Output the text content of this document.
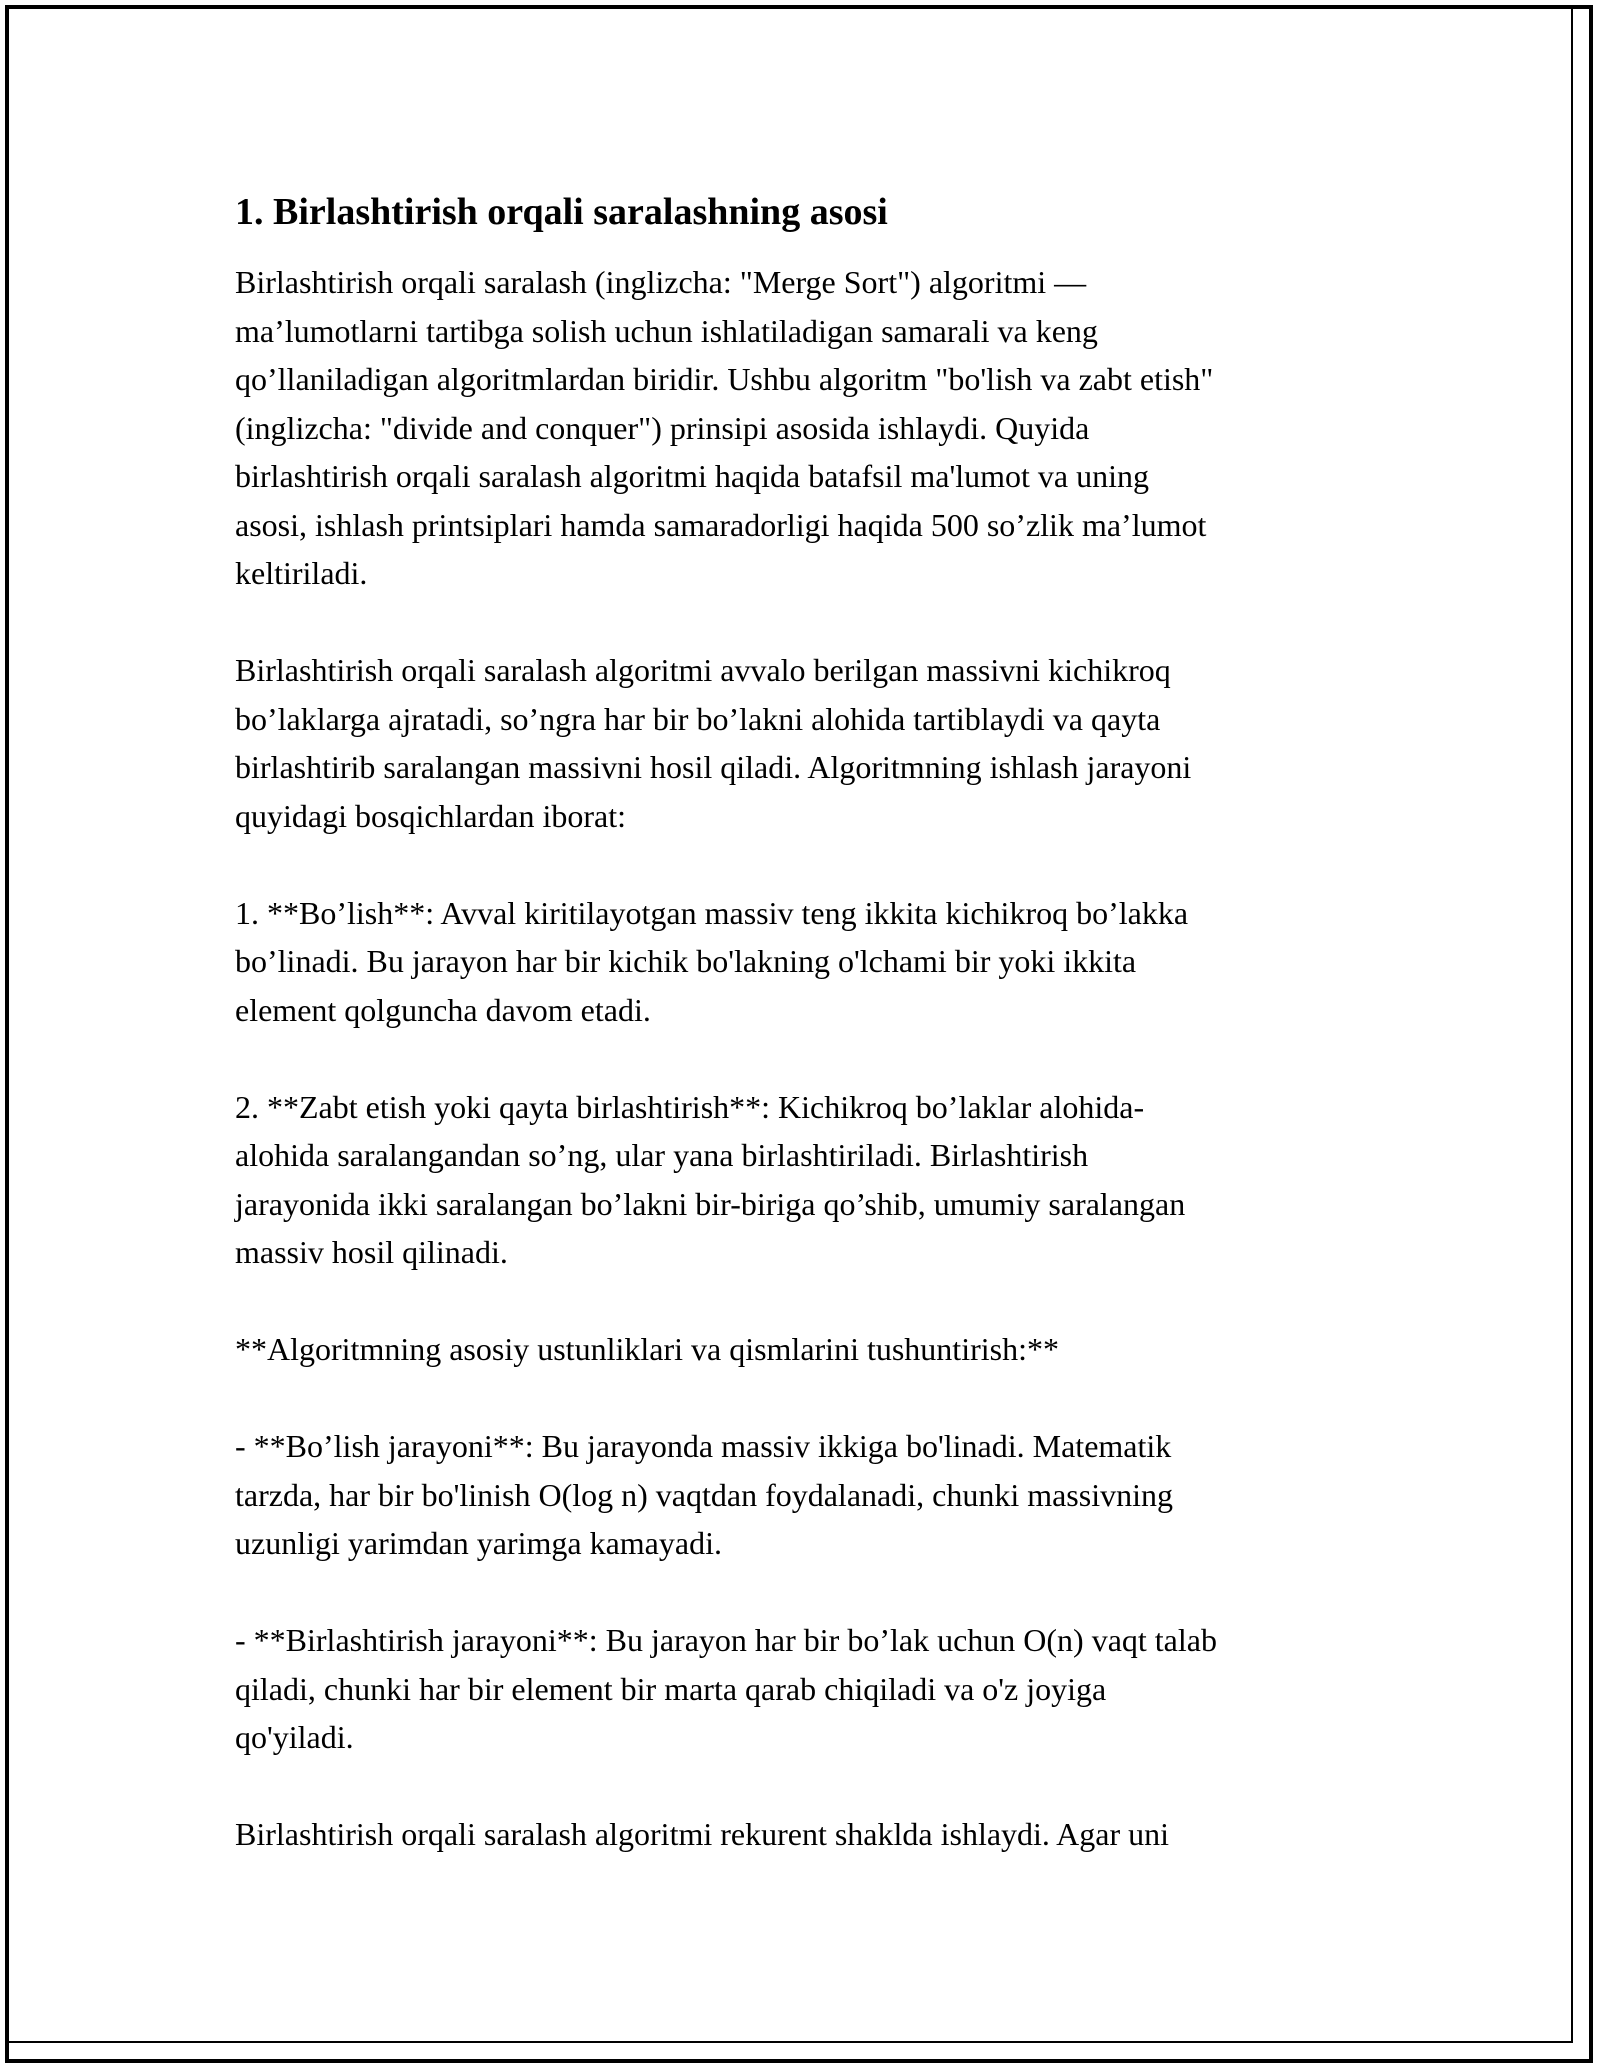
1. Birlashtirish orqali saralashning asosi
Birlashtirish orqali saralash (inglizcha: "Merge Sort") algoritmi —
ma’lumotlarni tartibga solish uchun ishlatiladigan samarali va keng
qo’llaniladigan algoritmlardan biridir. Ushbu algoritm "bo'lish va zabt etish"
(inglizcha: "divide and conquer") prinsipi asosida ishlaydi. Quyida
birlashtirish orqali saralash algoritmi haqida batafsil ma'lumot va uning
asosi, ishlash printsiplari hamda samaradorligi haqida 500 so’zlik ma’lumot
keltiriladi.
Birlashtirish orqali saralash algoritmi avvalo berilgan massivni kichikroq
bo’laklarga ajratadi, so’ngra har bir bo’lakni alohida tartiblaydi va qayta
birlashtirib saralangan massivni hosil qiladi. Algoritmning ishlash jarayoni
quyidagi bosqichlardan iborat:
1. **Bo’lish**: Avval kiritilayotgan massiv teng ikkita kichikroq bo’lakka
bo’linadi. Bu jarayon har bir kichik bo'lakning o'lchami bir yoki ikkita
element qolguncha davom etadi.
2. **Zabt etish yoki qayta birlashtirish**: Kichikroq bo’laklar alohida-
alohida saralangandan so’ng, ular yana birlashtiriladi. Birlashtirish
jarayonida ikki saralangan bo’lakni bir-biriga qo’shib, umumiy saralangan
massiv hosil qilinadi.
**Algoritmning asosiy ustunliklari va qismlarini tushuntirish:**
- **Bo’lish jarayoni**: Bu jarayonda massiv ikkiga bo'linadi. Matematik
tarzda, har bir bo'linish O(log n) vaqtdan foydalanadi, chunki massivning
uzunligi yarimdan yarimga kamayadi.
- **Birlashtirish jarayoni**: Bu jarayon har bir bo’lak uchun O(n) vaqt talab
qiladi, chunki har bir element bir marta qarab chiqiladi va o'z joyiga
qo'yiladi.
Birlashtirish orqali saralash algoritmi rekurent shaklda ishlaydi. Agar uni
